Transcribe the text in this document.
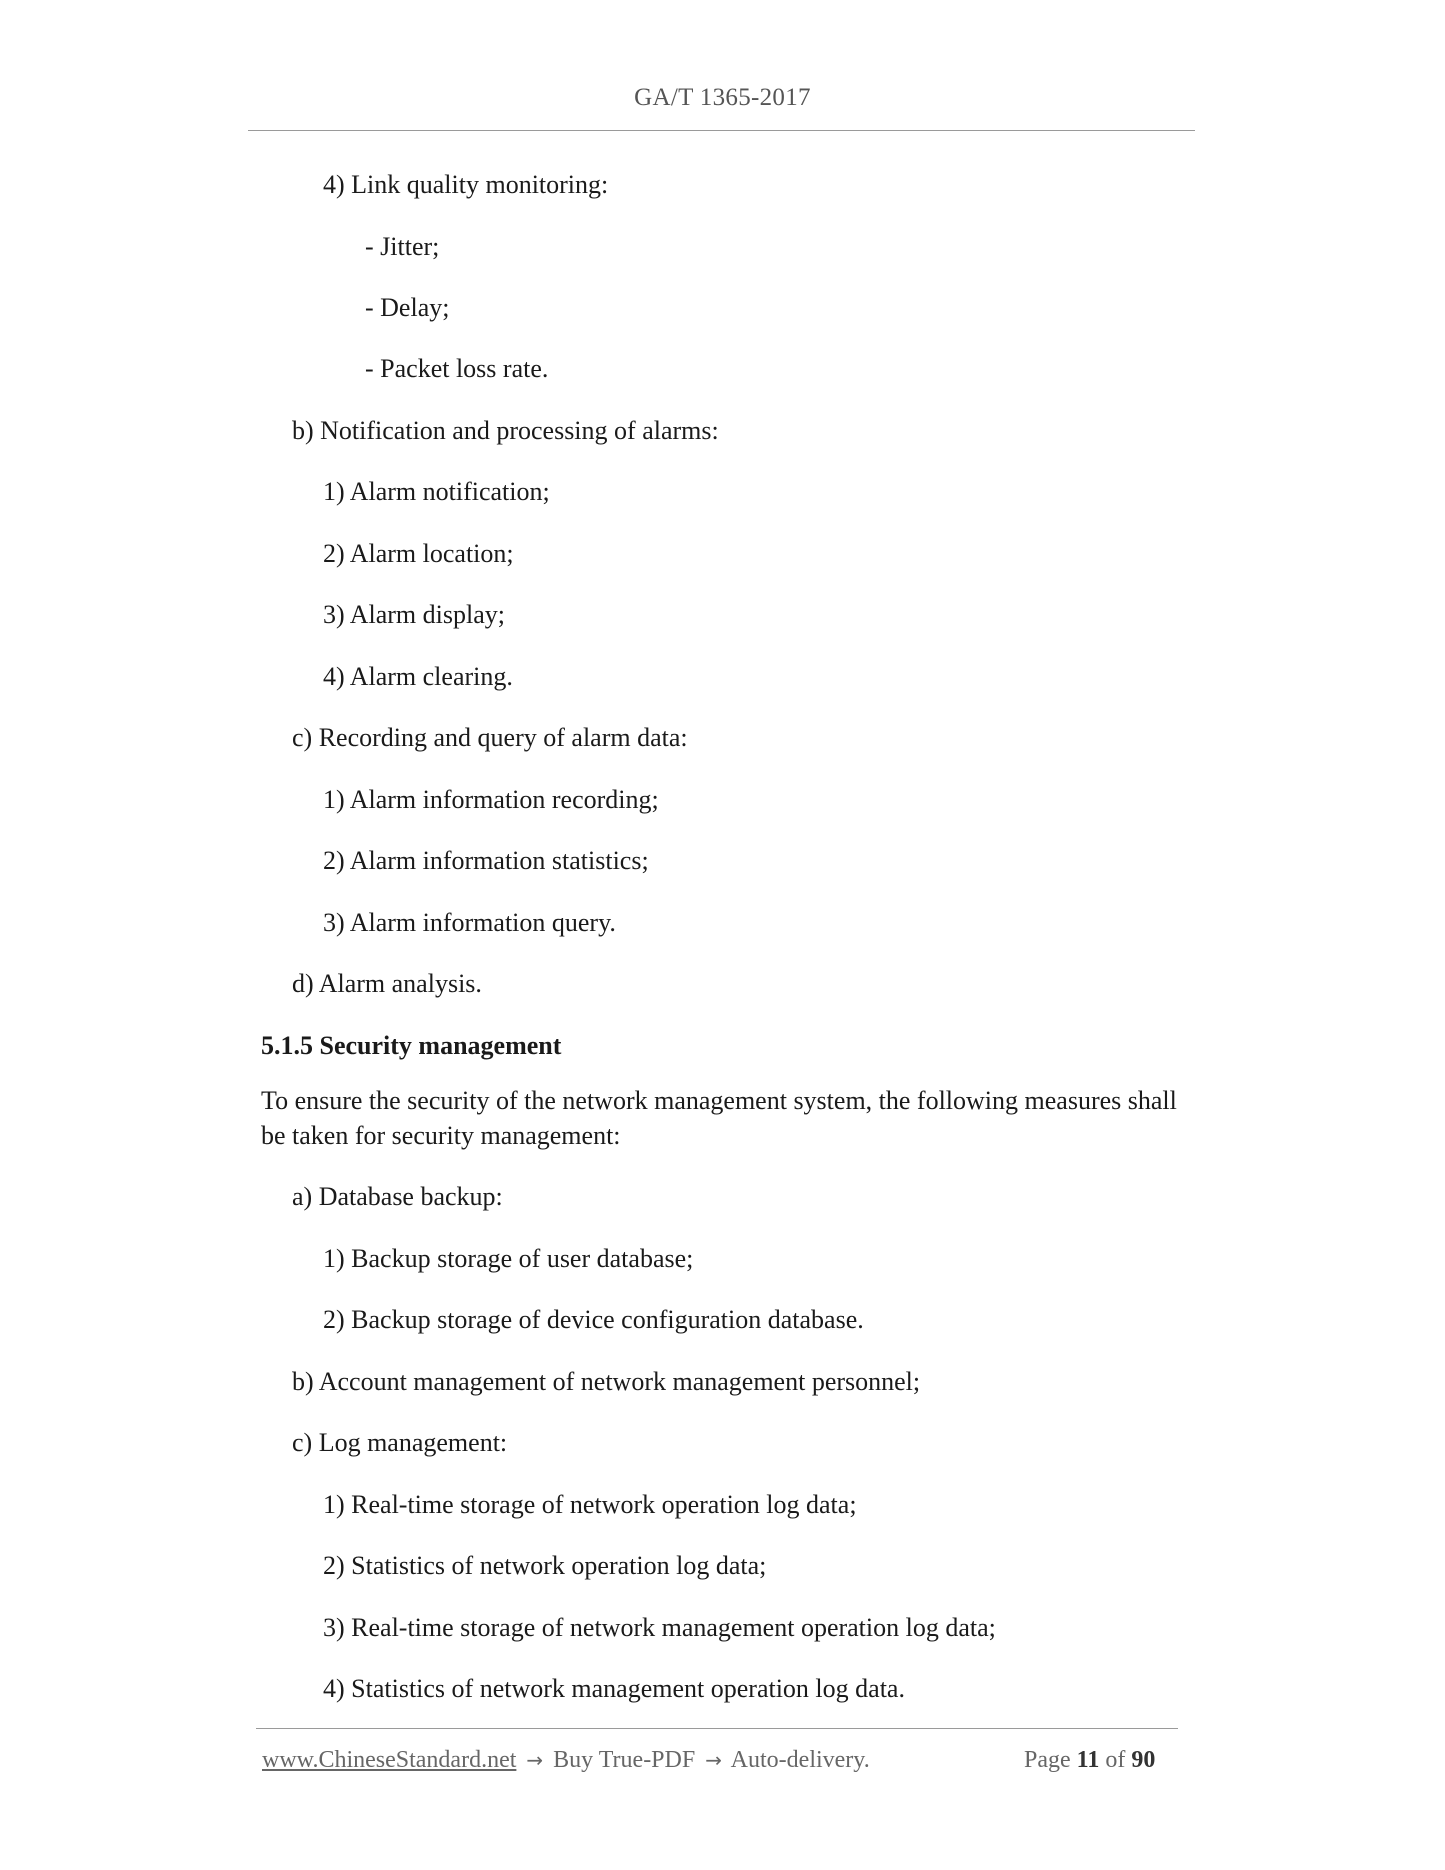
GA/T 1365-2017
4) Link quality monitoring:
- Jitter;
- Delay;
- Packet loss rate.
b) Notification and processing of alarms:
1) Alarm notification;
2) Alarm location;
3) Alarm display;
4) Alarm clearing.
c) Recording and query of alarm data:
1) Alarm information recording;
2) Alarm information statistics;
3) Alarm information query.
d) Alarm analysis.
5.1.5 Security management
To ensure the security of the network management system, the following measures shall be taken for security management:
a) Database backup:
1) Backup storage of user database;
2) Backup storage of device configuration database.
b) Account management of network management personnel;
c) Log management:
1) Real-time storage of network operation log data;
2) Statistics of network operation log data;
3) Real-time storage of network management operation log data;
4) Statistics of network management operation log data.
www.ChineseStandard.net → Buy True-PDF → Auto-delivery.	Page 11 of 90
